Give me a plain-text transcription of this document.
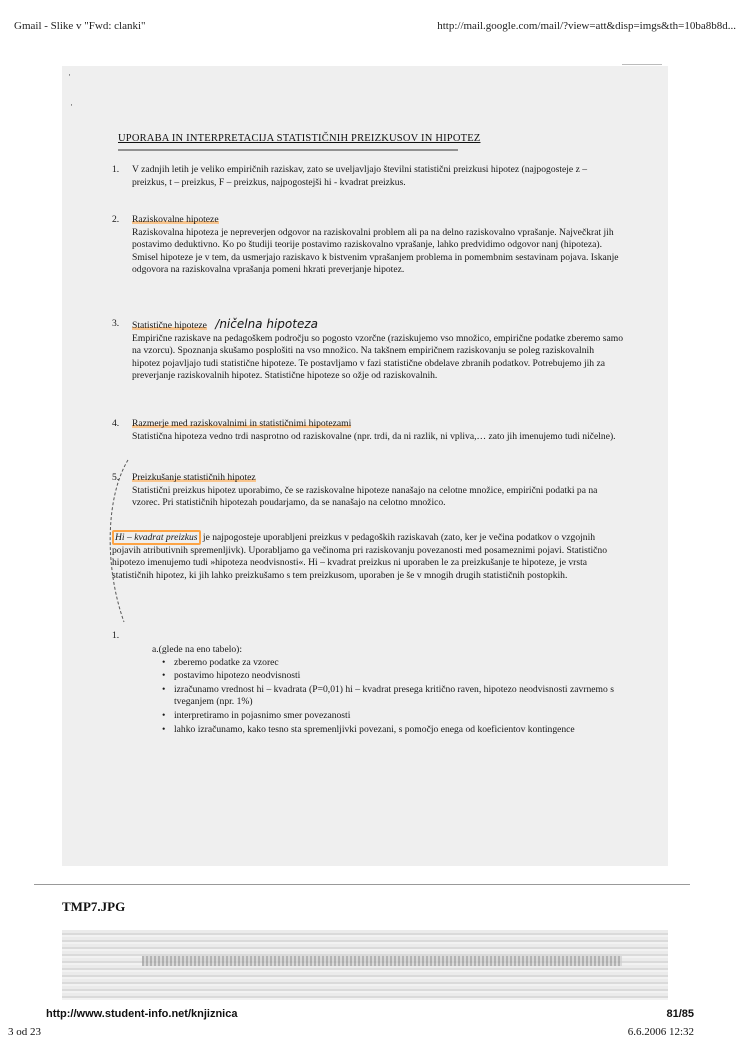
Gmail - Slike v "Fwd: clanki"	http://mail.google.com/mail/?view=att&disp=imgs&th=10ba8b8d...
·
·
UPORABA IN INTERPRETACIJA STATISTIČNIH PREIZKUSOV IN HIPOTEZ
1. V zadnjih letih je veliko empiričnih raziskav, zato se uveljavljajo številni statistični preizkusi hipotez (najpogosteje z – preizkus, t – preizkus, F – preizkus, najpogostejši hi - kvadrat preizkus.
2. Raziskovalne hipoteze
Raziskovalna hipoteza je nepreverjen odgovor na raziskovalni problem ali pa na delno raziskovalno vprašanje. Največkrat jih postavimo deduktivno. Ko po študiji teorije postavimo raziskovalno vprašanje, lahko predvidimo odgovor nanj (hipoteza). Smisel hipoteze je v tem, da usmerjajo raziskavo k bistvenim vprašanjem problema in pomembnim sestavinam pojava. Iskanje odgovora na raziskovalna vprašanja pomeni hkrati preverjanje hipotez.
3. Statistične hipoteze /ničelna hipoteza
Empirične raziskave na pedagoškem področju so pogosto vzorčne (raziskujemo vso množico, empirične podatke zberemo samo na vzorcu). Spoznanja skušamo posplošiti na vso množico. Na takšnem empiričnem raziskovanju se poleg raziskovalnih hipotez pojavljajo tudi statistične hipoteze. Te postavljamo v fazi statistične obdelave zbranih podatkov. Potrebujemo jih za preverjanje raziskovalnih hipotez. Statistične hipoteze so ožje od raziskovalnih.
4. Razmerje med raziskovalnimi in statističnimi hipotezami
Statistična hipoteza vedno trdi nasprotno od raziskovalne (npr. trdi, da ni razlik, ni vpliva,… zato jih imenujemo tudi ničelne).
5. Preizkušanje statističnih hipotez
Statistični preizkus hipotez uporabimo, če se raziskovalne hipoteze nanašajo na celotne množice, empirični podatki pa na vzorec. Pri statističnih hipotezah poudarjamo, da se nanašajo na celotno množico.
Hi – kvadrat preizkus je najpogosteje uporabljeni preizkus v pedagoških raziskavah (zato, ker je večina podatkov o vzgojnih pojavih atributivnih spremenljivk). Uporabljamo ga večinoma pri raziskovanju povezanosti med posameznimi pojavi. Statistično hipotezo imenujemo tudi »hipoteza neodvisnosti«. Hi – kvadrat preizkus ni uporaben le za preizkušanje te hipoteze, je vrsta statističnih hipotez, ki jih lahko preizkušamo s tem preizkusom, uporaben je še v mnogih drugih statističnih postopkih.
1.
a.(glede na eno tabelo):
• zberemo podatke za vzorec
• postavimo hipotezo neodvisnosti
• izračunamo vrednost hi – kvadrata (P=0,01) hi – kvadrat presega kritično raven, hipotezo neodvisnosti zavrnemo s tveganjem (npr. 1%)
• interpretiramo in pojasnimo smer povezanosti
• lahko izračunamo, kako tesno sta spremenljivki povezani, s pomočjo enega od koeficientov kontingence
TMP7.JPG
http://www.student-info.net/knjiznica	81/85
3 od 23	6.6.2006 12:32
